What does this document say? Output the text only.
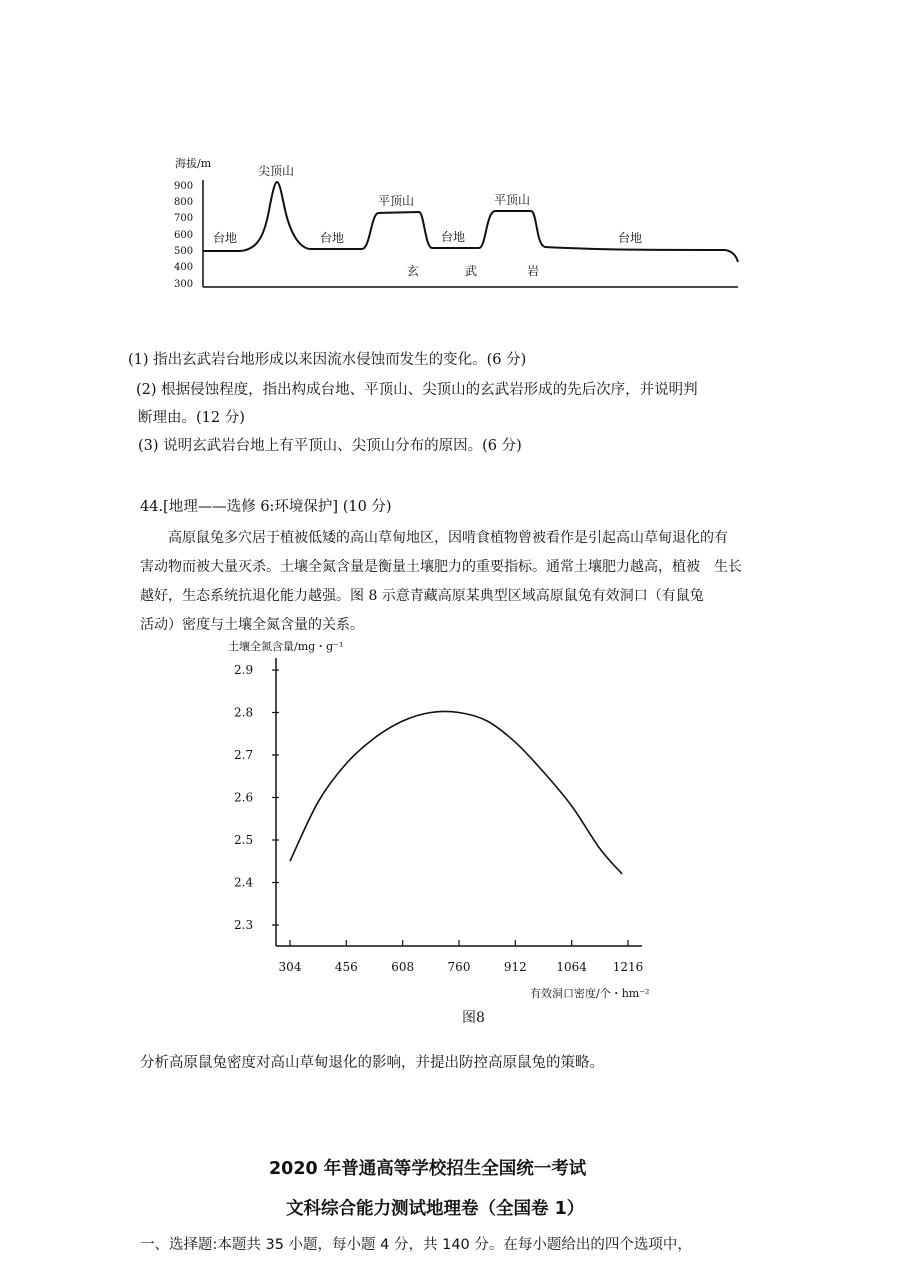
海拔/m
900
800
700
600
500
400
300
尖顶山
平顶山	平顶山
台地	台地	台地	台地
玄	武	岩
(1) 指出玄武岩台地形成以来因流水侵蚀而发生的变化。(6 分)
(2) 根据侵蚀程度，指出构成台地、平顶山、尖顶山的玄武岩形成的先后次序，并说明判
断理由。(12 分)
(3) 说明玄武岩台地上有平顶山、尖顶山分布的原因。(6 分)
44.[地理——选修 6:环境保护] (10 分)
高原鼠兔多穴居于植被低矮的高山草甸地区，因啃食植物曾被看作是引起高山草甸退化的有
害动物而被大量灭杀。土壤全氮含量是衡量土壤肥力的重要指标。通常土壤肥力越高，植被　生长
越好，生态系统抗退化能力越强。图 8 示意青藏高原某典型区域高原鼠兔有效洞口（有鼠兔
活动）密度与土壤全氮含量的关系。
土壤全氮含量/mg・g⁻¹
有效洞口密度/个・hm⁻²
图8
2.9
2.8
2.7
2.6
2.5
2.4
2.3
304	456	608	760	912 1064 1216
分析高原鼠兔密度对高山草甸退化的影响，并提出防控高原鼠兔的策略。
2020 年普通高等学校招生全国统一考试
文科综合能力测试地理卷（全国卷 1）
一、选择题:本题共 35 小题，每小题 4 分，共 140 分。在每小题给出的四个选项中，
